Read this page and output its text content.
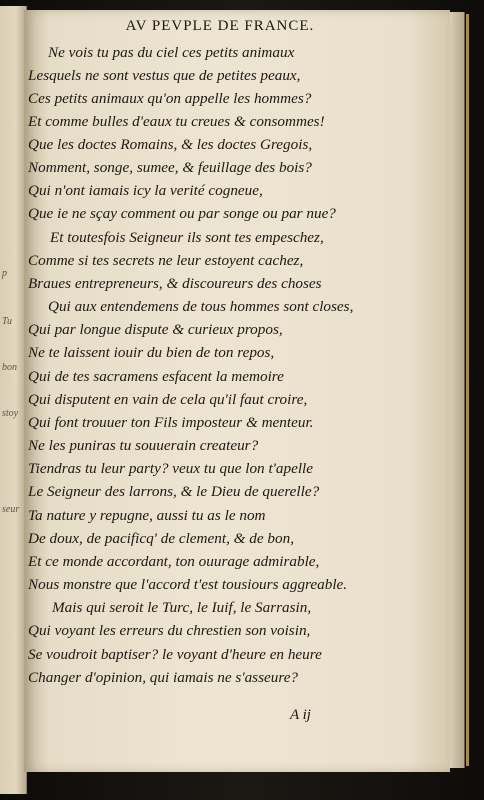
p
Tu
bon
stoy
seur
AV PEVPLE DE FRANCE.
Ne vois tu pas du ciel ces petits animaux
Lesquels ne sont vestus que de petites peaux,
Ces petits animaux qu'on appelle les hommes?
Et comme bulles d'eaux tu creues & consommes!
Que les doctes Romains, & les doctes Gregois,
Nomment, songe, sumee, & feuillage des bois?
Qui n'ont iamais icy la verité cogneue,
Que ie ne sçay comment ou par songe ou par nue?
Et toutesfois Seigneur ils sont tes empeschez,
Comme si tes secrets ne leur estoyent cachez,
Braues entrepreneurs, & discoureurs des choses
Qui aux entendemens de tous hommes sont closes,
Qui par longue dispute & curieux propos,
Ne te laissent iouir du bien de ton repos,
Qui de tes sacramens esfacent la memoire
Qui disputent en vain de cela qu'il faut croire,
Qui font trouuer ton Fils imposteur & menteur.
Ne les puniras tu souuerain createur?
Tiendras tu leur party? veux tu que lon t'apelle
Le Seigneur des larrons, & le Dieu de querelle?
Ta nature y repugne, aussi tu as le nom
De doux, de pacificq' de clement, & de bon,
Et ce monde accordant, ton ouurage admirable,
Nous monstre que l'accord t'est tousiours aggreable.
Mais qui seroit le Turc, le Iuif, le Sarrasin,
Qui voyant les erreurs du chrestien son voisin,
Se voudroit baptiser? le voyant d'heure en heure
Changer d'opinion, qui iamais ne s'asseure?
A ij
